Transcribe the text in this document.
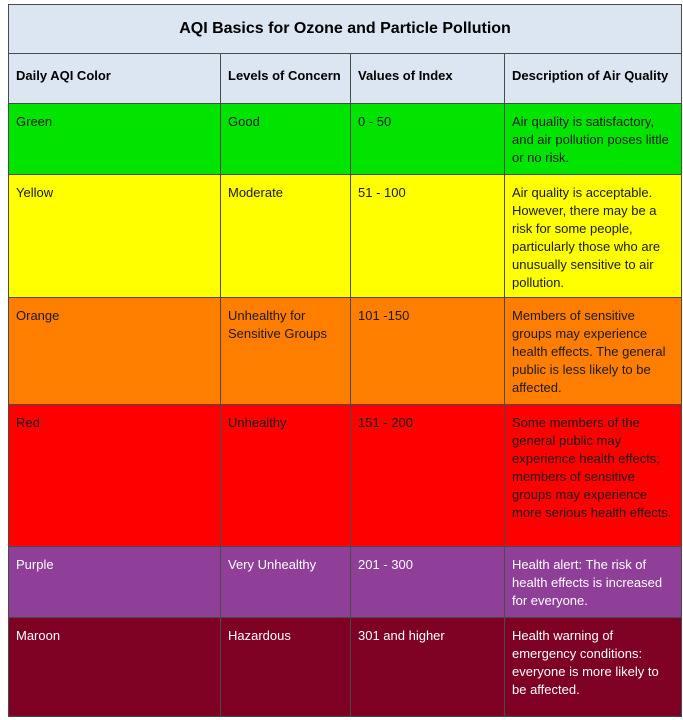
AQI Basics for Ozone and Particle Pollution			
Daily AQI Color	Levels of Concern	Values of Index	Description of Air Quality
Green	Good	0 - 50	Air quality is satisfactory, and air pollution poses little or no risk.
Yellow	Moderate	51 - 100	Air quality is acceptable. However, there may be a risk for some people, particularly those who are unusually sensitive to air pollution.
Orange	Unhealthy for Sensitive Groups	101 -150	Members of sensitive groups may experience health effects. The general public is less likely to be affected.
Red	Unhealthy	151 - 200	Some members of the general public may experience health effects; members of sensitive groups may experience more serious health effects.
Purple	Very Unhealthy	201 - 300	Health alert: The risk of health effects is increased for everyone.
Maroon	Hazardous	301 and higher	Health warning of emergency conditions: everyone is more likely to be affected.
